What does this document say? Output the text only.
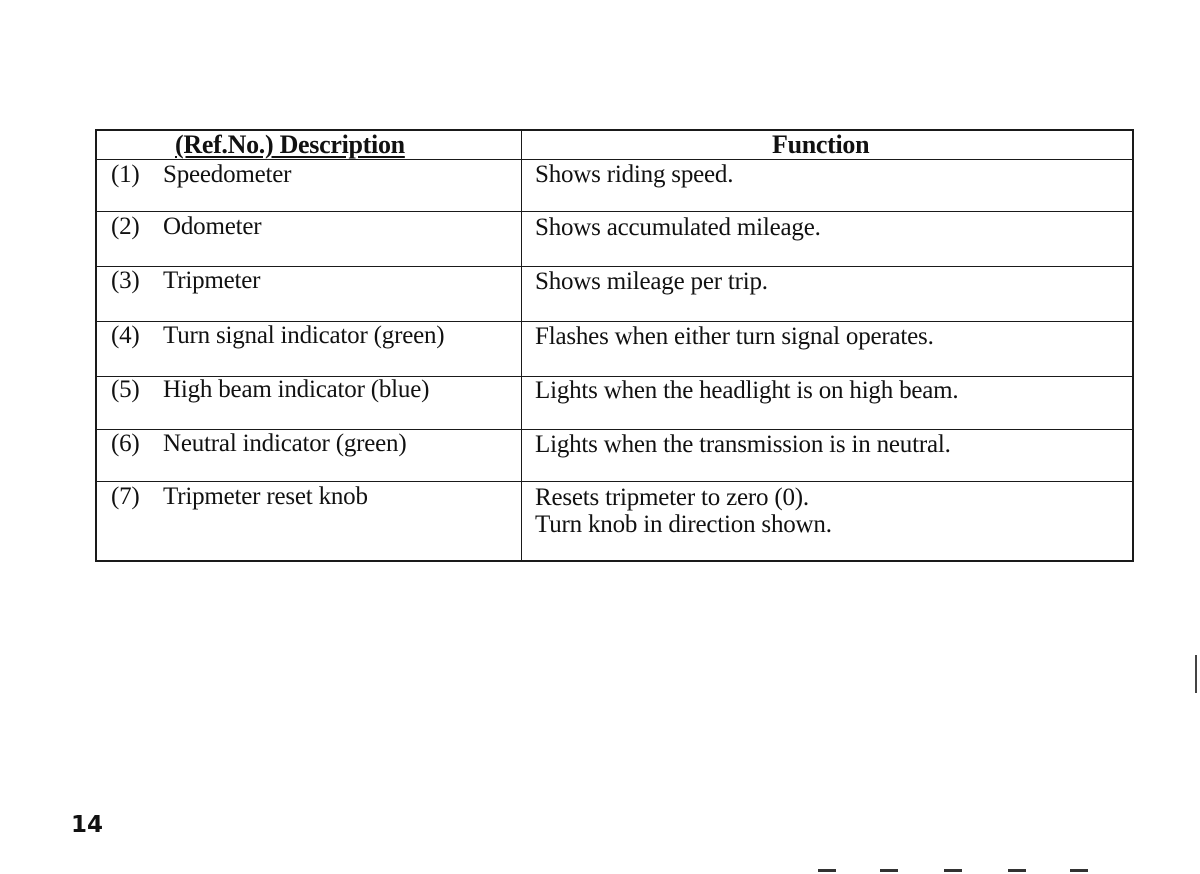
(Ref.No.) Description	Function
(1) Speedometer	Shows riding speed.
(2) Odometer	Shows accumulated mileage.
(3) Tripmeter	Shows mileage per trip.
(4) Turn signal indicator (green)	Flashes when either turn signal operates.
(5) High beam indicator (blue)	Lights when the headlight is on high beam.
(6) Neutral indicator (green)	Lights when the transmission is in neutral.
(7) Tripmeter reset knob	Resets tripmeter to zero (0).
Turn knob in direction shown.
14
